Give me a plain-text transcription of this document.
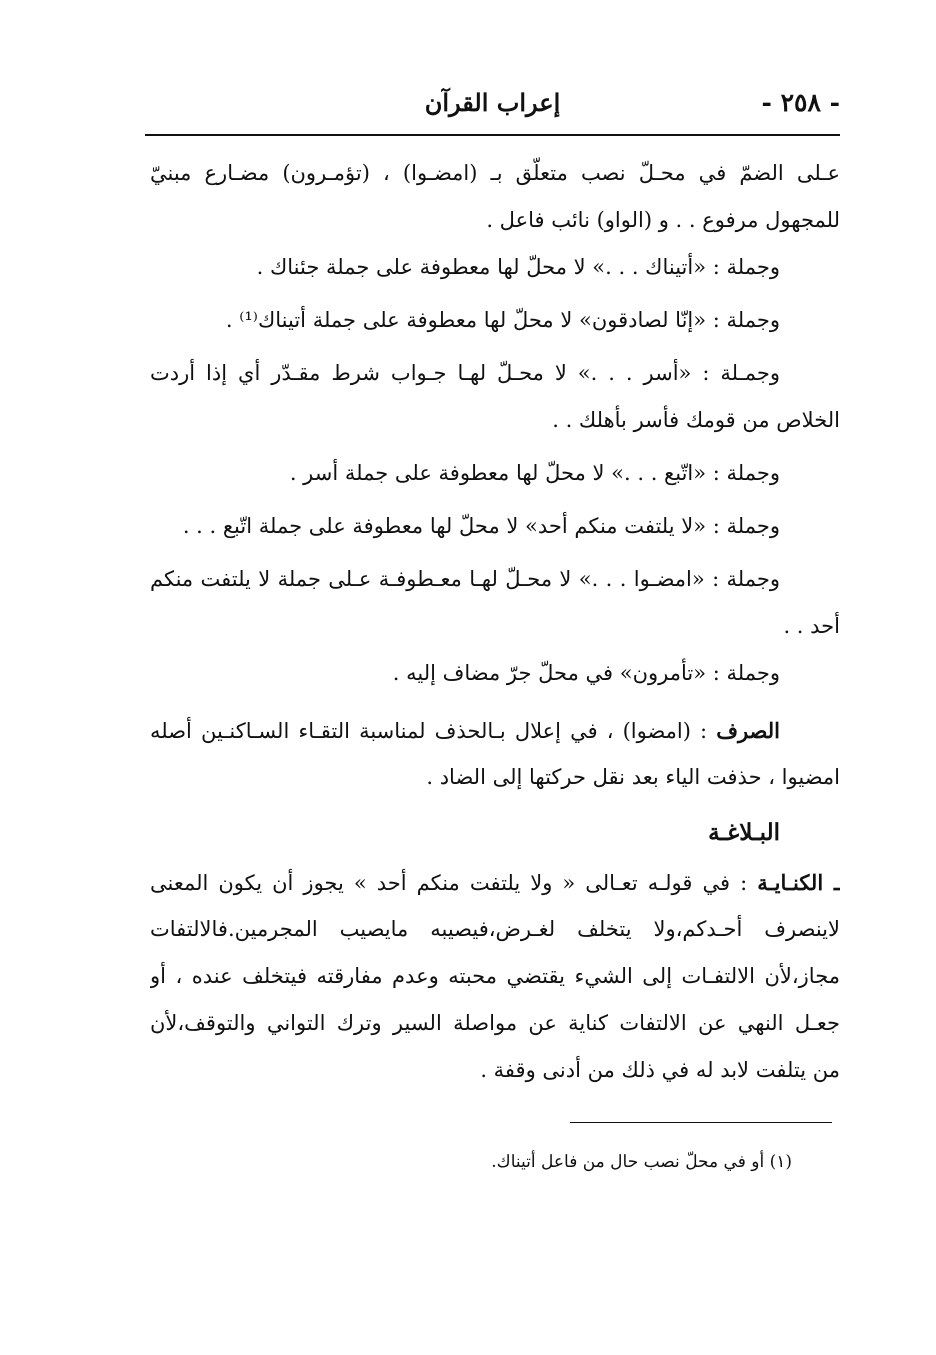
- ٢٥٨ -
إعراب القرآن
عـلى الضمّ في محـلّ نصب متعلّق بـ (امضـوا) ، (تؤمـرون) مضـارع مبنيّ
للمجهول مرفوع . . و (الواو) نائب فاعل .
وجملة : «أتيناك . . .» لا محلّ لها معطوفة على جملة جئناك .
وجملة : «إنّا لصادقون» لا محلّ لها معطوفة على جملة أتيناك⁽¹⁾ .
وجمـلة : «أسر . . .» لا محـلّ لهـا جـواب شرط مقـدّر أي إذا أردت
الخلاص من قومك فأسر بأهلك . .
وجملة : «اتّبع . . .» لا محلّ لها معطوفة على جملة أسر .
وجملة : «لا يلتفت منكم أحد» لا محلّ لها معطوفة على جملة اتّبع . . .
وجملة : «امضـوا . . .» لا محـلّ لهـا معـطوفـة عـلى جملة لا يلتفت منكم
أحد . .
وجملة : «تأمرون» في محلّ جرّ مضاف إليه .
الصرف : (امضوا) ، في إعلال بـالحذف لمناسبة التقـاء السـاكنـين أصله
امضيوا ، حذفت الياء بعد نقل حركتها إلى الضاد .
البـلاغـة
ـ الكنـايـة : في قولـه تعـالى « ولا يلتفت منكم أحد » يجوز أن يكون المعنى
لاينصرف أحـدكم،ولا يتخلف لغـرض،فيصيبه مايصيب المجرمين.فالالتفات
مجاز،لأن الالتفـات إلى الشيء يقتضي محبته وعدم مفارقته فيتخلف عنده ، أو
جعـل النهي عن الالتفات كناية عن مواصلة السير وترك التواني والتوقف،لأن
من يتلفت لابد له في ذلك من أدنى وقفة .
(١) أو في محلّ نصب حال من فاعل أتيناك.
